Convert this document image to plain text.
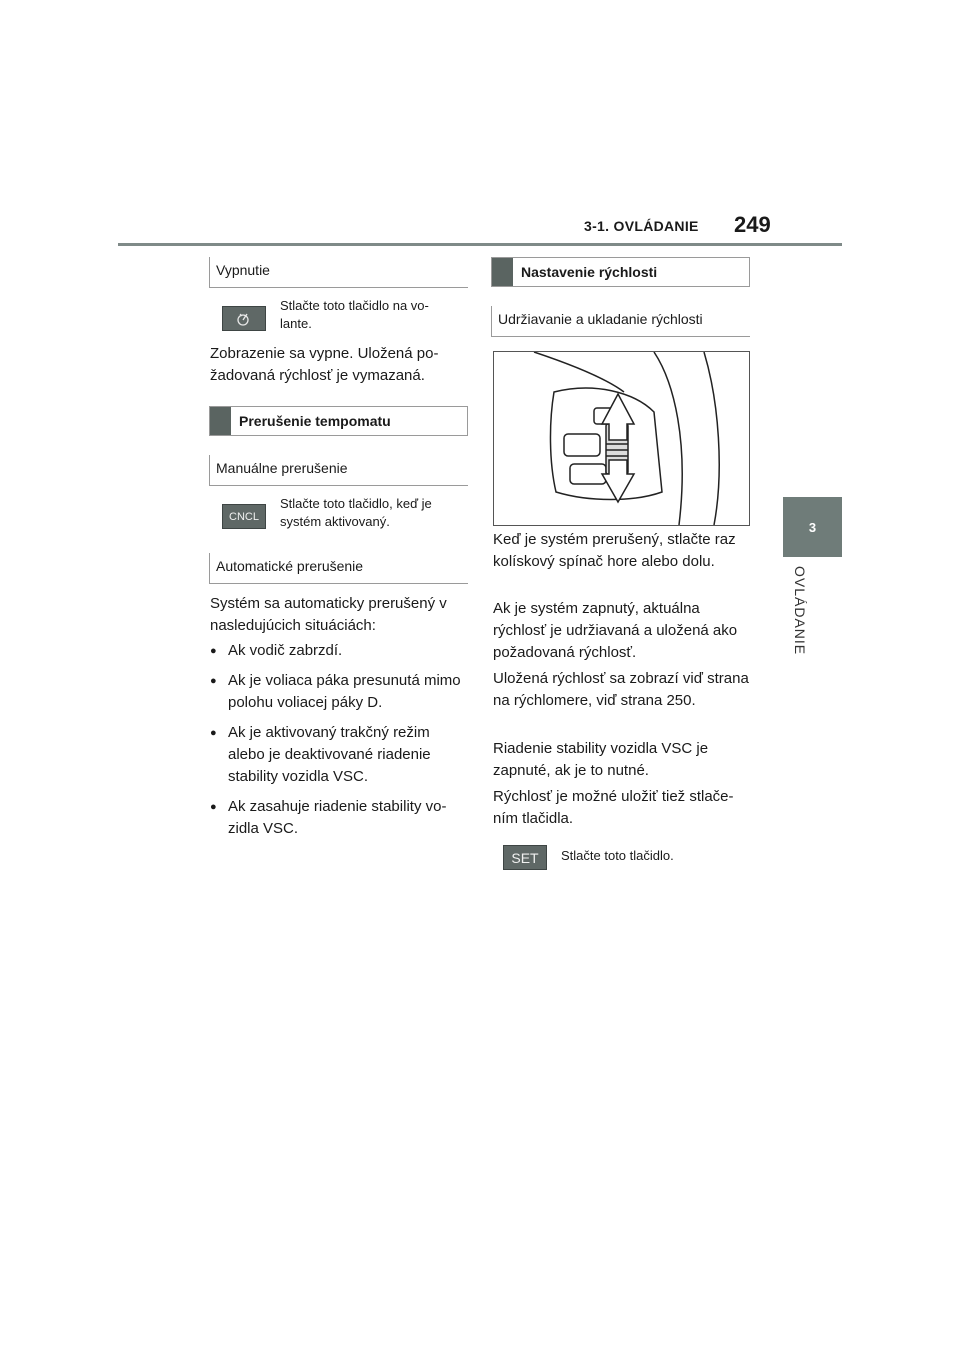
3-1. OVLÁDANIE 249
3
OVLÁDANIE
Vypnutie
Stlačte toto tlačidlo na vo-lante.
Zobrazenie sa vypne. Uložená po-žadovaná rýchlosť je vymazaná.
Prerušenie tempomatu
Manuálne prerušenie
CNCL
Stlačte toto tlačidlo, keď je systém aktivovaný.
Automatické prerušenie
Systém sa automaticky prerušený v nasledujúcich situáciách:
● Ak vodič zabrzdí.
● Ak je voliaca páka presunutá mimo polohu voliacej páky D.
● Ak je aktivovaný trakčný režim alebo je deaktivované riadenie stability vozidla VSC.
● Ak zasahuje riadenie stability vo-zidla VSC.
Nastavenie rýchlosti
Udržiavanie a ukladanie rýchlosti
Keď je systém prerušený, stlačte raz kolískový spínač hore alebo dolu.
Ak je systém zapnutý, aktuálna rýchlosť je udržiavaná a uložená ako požadovaná rýchlosť.
Uložená rýchlosť sa zobrazí viď strana na rýchlomere, viď strana 250.
Riadenie stability vozidla VSC je zapnuté, ak je to nutné.
Rýchlosť je možné uložiť tiež stlače-ním tlačidla.
SET Stlačte toto tlačidlo.
